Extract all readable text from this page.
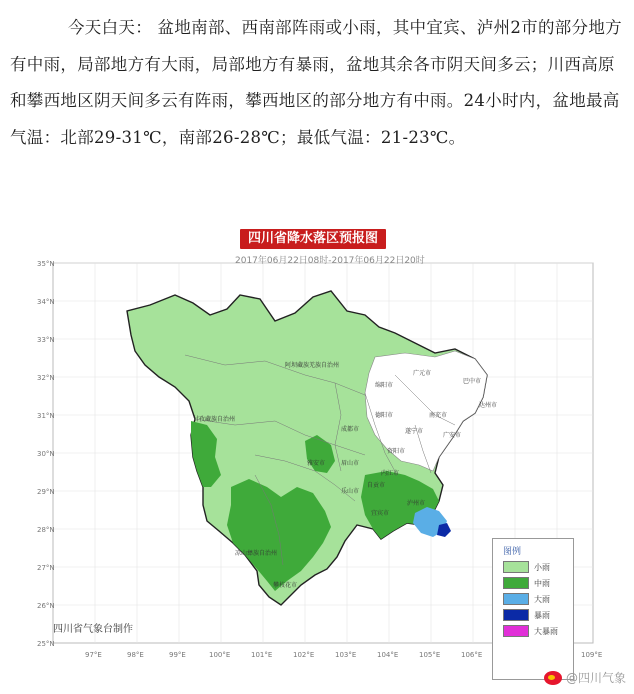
今天白天： 盆地南部、西南部阵雨或小雨，其中宜宾、泸州2市的部分地方有中雨，局部地方有大雨，局部地方有暴雨，盆地其余各市阴天间多云；川西高原和攀西地区阴天间多云有阵雨，攀西地区的部分地方有中雨。24小时内，盆地最高气温：北部29-31℃，南部26-28℃；最低气温：21-23℃。

阿坝藏族羌族自治州
甘孜藏族自治州
凉山彝族自治州
攀枝花市
雅安市	眉山市
乐山市
成都市
德阳市
绵阳市
广元市
巴中市
达州市
南充市
遂宁市
资阳市
内江市
自贡市
宜宾市
泸州市
广安市
35°N
34°N
33°N
32°N
31°N
30°N
29°N
28°N
27°N
26°N
25°N
97°E	98°E	99°E	100°E	101°E	102°E	103°E	104°E	105°E	106°E	109°E
四川省降水落区预报图
2017年06月22日08时-2017年06月22日20时
四川省气象台制作
图例
小雨
中雨
大雨
暴雨
大暴雨
@四川气象
